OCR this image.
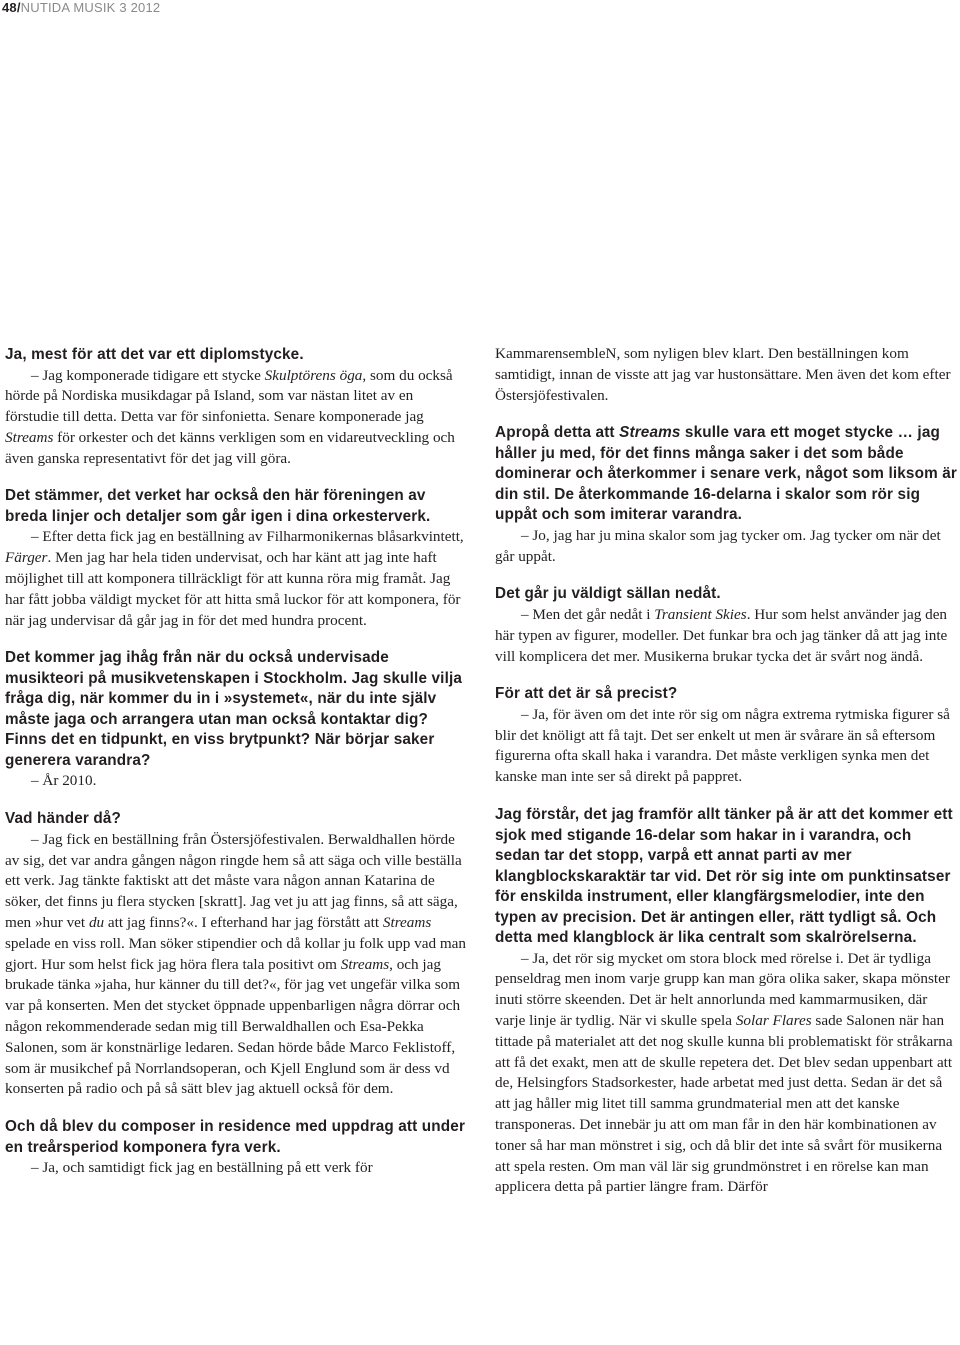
48/NUTIDA MUSIK 3 2012
Ja, mest för att det var ett diplomstycke.
– Jag komponerade tidigare ett stycke Skulptörens öga, som du också hörde på Nordiska musikdagar på Island, som var nästan litet av en förstudie till detta. Detta var för sinfonietta. Senare komponerade jag Streams för orkester och det känns verkligen som en vidareutveckling och även ganska representativt för det jag vill göra.
Det stämmer, det verket har också den här föreningen av breda linjer och detaljer som går igen i dina orkesterverk.
– Efter detta fick jag en beställning av Filharmonikernas blåsarkvintett, Färger. Men jag har hela tiden undervisat, och har känt att jag inte haft möjlighet till att komponera tillräckligt för att kunna röra mig framåt. Jag har fått jobba väldigt mycket för att hitta små luckor för att komponera, för när jag undervisar då går jag in för det med hundra procent.
Det kommer jag ihåg från när du också undervisade musikteori på musikvetenskapen i Stockholm. Jag skulle vilja fråga dig, när kommer du in i »systemet«, när du inte själv måste jaga och arrangera utan man också kontaktar dig? Finns det en tidpunkt, en viss brytpunkt? När börjar saker generera varandra?
– År 2010.
Vad händer då?
– Jag fick en beställning från Östersjöfestivalen. Berwaldhallen hörde av sig, det var andra gången någon ringde hem så att säga och ville beställa ett verk. Jag tänkte faktiskt att det måste vara någon annan Katarina de söker, det finns ju flera stycken [skratt]. Jag vet ju att jag finns, så att säga, men »hur vet du att jag finns?«. I efterhand har jag förstått att Streams spelade en viss roll. Man söker stipendier och då kollar ju folk upp vad man gjort. Hur som helst fick jag höra flera tala positivt om Streams, och jag brukade tänka »jaha, hur känner du till det?«, för jag vet ungefär vilka som var på konserten. Men det stycket öppnade uppenbarligen några dörrar och någon rekommenderade sedan mig till Berwaldhallen och Esa-Pekka Salonen, som är konstnärlige ledaren. Sedan hörde både Marco Feklistoff, som är musikchef på Norrlandsoperan, och Kjell Englund som är dess vd konserten på radio och på så sätt blev jag aktuell också för dem.
Och då blev du composer in residence med uppdrag att under en treårsperiod komponera fyra verk.
– Ja, och samtidigt fick jag en beställning på ett verk för
KammarensembleN, som nyligen blev klart. Den beställningen kom samtidigt, innan de visste att jag var hustonsättare. Men även det kom efter Östersjöfestivalen.
Apropå detta att Streams skulle vara ett moget stycke … jag håller ju med, för det finns många saker i det som både dominerar och återkommer i senare verk, något som liksom är din stil. De återkommande 16-delarna i skalor som rör sig uppåt och som imiterar varandra.
– Jo, jag har ju mina skalor som jag tycker om. Jag tycker om när det går uppåt.
Det går ju väldigt sällan nedåt.
– Men det går nedåt i Transient Skies. Hur som helst använder jag den här typen av figurer, modeller. Det funkar bra och jag tänker då att jag inte vill komplicera det mer. Musikerna brukar tycka det är svårt nog ändå.
För att det är så precist?
– Ja, för även om det inte rör sig om några extrema rytmiska figurer så blir det knöligt att få tajt. Det ser enkelt ut men är svårare än så eftersom figurerna ofta skall haka i varandra. Det måste verkligen synka men det kanske man inte ser så direkt på pappret.
Jag förstår, det jag framför allt tänker på är att det kommer ett sjok med stigande 16-delar som hakar in i varandra, och sedan tar det stopp, varpå ett annat parti av mer klangblockskaraktär tar vid. Det rör sig inte om punktinsatser för enskilda instrument, eller klangfärgsmelodier, inte den typen av precision. Det är antingen eller, rätt tydligt så. Och detta med klangblock är lika centralt som skalrörelserna.
– Ja, det rör sig mycket om stora block med rörelse i. Det är tydliga penseldrag men inom varje grupp kan man göra olika saker, skapa mönster inuti större skeenden. Det är helt annorlunda med kammarmusiken, där varje linje är tydlig. När vi skulle spela Solar Flares sade Salonen när han tittade på materialet att det nog skulle kunna bli problematiskt för stråkarna att få det exakt, men att de skulle repetera det. Det blev sedan uppenbart att de, Helsingfors Stadsorkester, hade arbetat med just detta. Sedan är det så att jag håller mig litet till samma grundmaterial men att det kanske transponeras. Det innebär ju att om man får in den här kombinationen av toner så har man mönstret i sig, och då blir det inte så svårt för musikerna att spela resten. Om man väl lär sig grundmönstret i en rörelse kan man applicera detta på partier längre fram. Därför
